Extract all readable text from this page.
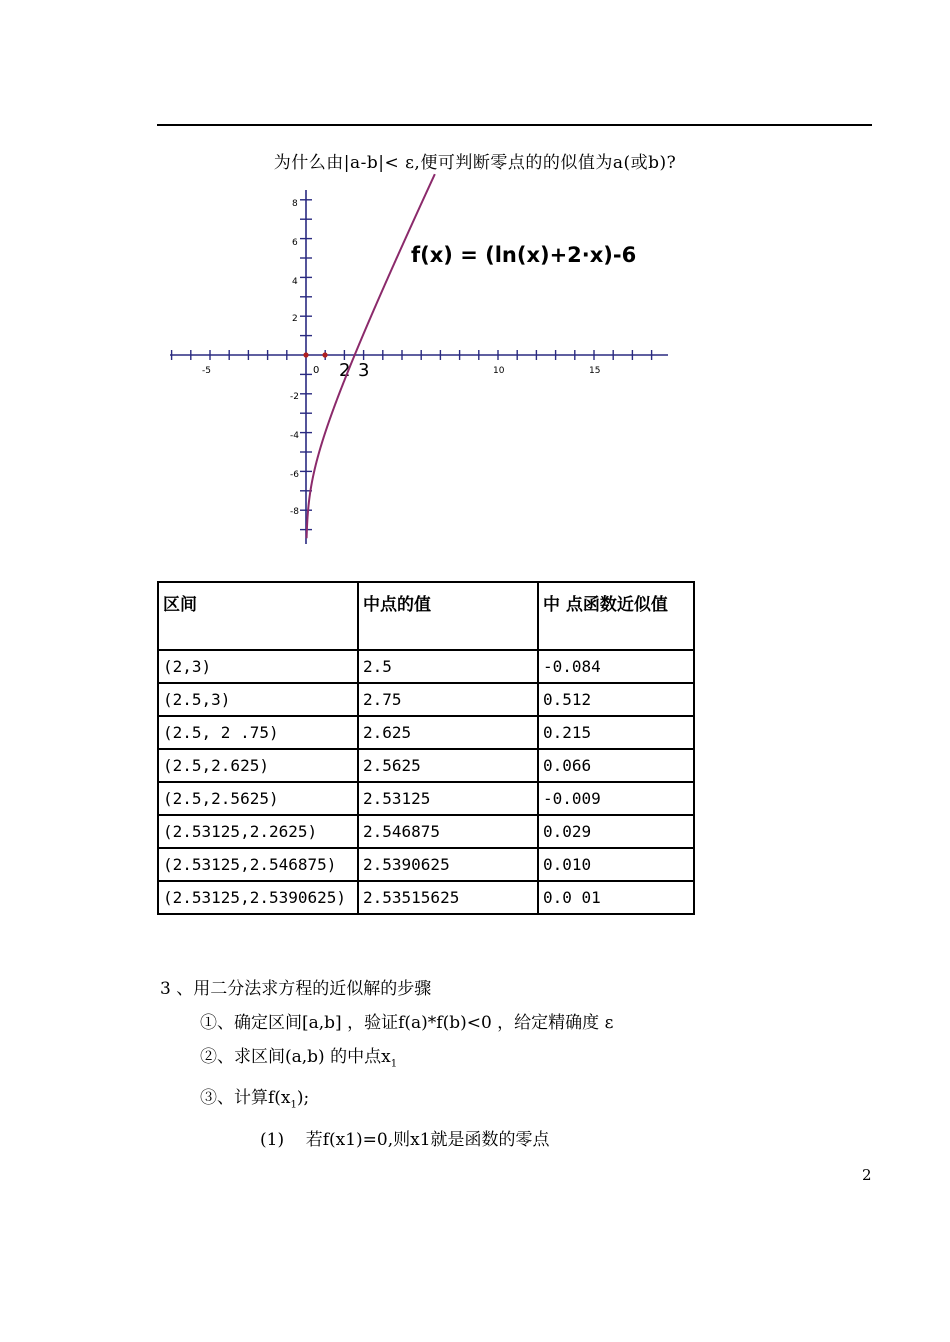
为什么由|a-b|< ε,便可判断零点的的似值为a(或b)?
-5	0	10	15
8
6
4
2
-2
-4
-6
-8
2 3
f(x) = (ln(x)+2·x)-6
区间	中点的值	中 点函数近似值
(2,3)	2.5	-0.084
(2.5,3)	2.75	0.512
(2.5, 2 .75)	2.625	0.215
(2.5,2.625)	2.5625	0.066
(2.5,2.5625)	2.53125	-0.009
(2.53125,2.2625)	2.546875	0.029
(2.53125,2.546875)	2.5390625	0.010
(2.53125,2.5390625)	2.53515625	0.0 01
3 、用二分法求方程的近似解的步骤
①、确定区间[a,b] ，验证f(a)*f(b)<0 ，给定精确度 ε
②、求区间(a,b) 的中点$x_1$
③、计算$f(x_1)$;
(1)    若f(x1)=0,则x1就是函数的零点
2
